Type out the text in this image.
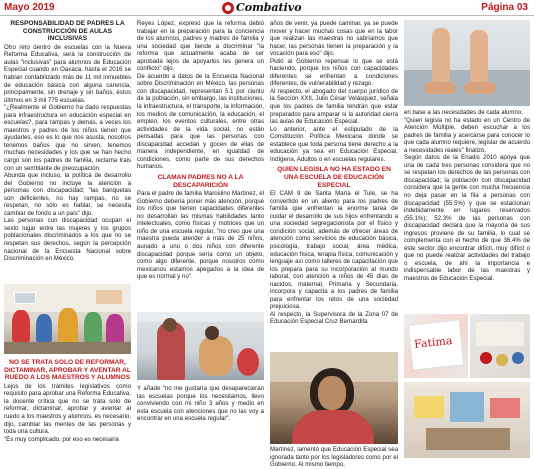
Mayo 2019	Combativo	Página 03
RESPONSABILIDAD DE PADRES LA CONSTRUCCIÓN DE AULAS INCLUSIVAS

Otro reto dentro de escuelas con la Nueva Reforma Educativa, será la construcción de aulas "inclusivas" para alumnos de Educación Especial cuando en Oaxaca, hasta el 2016 se habían contabilizado más de 11 mil inmuebles de educación básica con alguna carencia, principalmente, sin drenaje y sin baños, éstos últimos en 3 mil 775 escuelas.

"¿Realmente el Gobierno ha dado respuestas para infraestructura en educación especial en escuelas?, para rampas y demás, a veces los maestros y padres de los niños tienen que ayudarles, eso es lo que nos asusta, nosotros tenemos baños que no sirven, tenemos muchas necesidades y los que se han hecho cargo son los padres de familia, reclama Irais con un semblante de preocupación.

Abunda que incluso, la política de desarrollo del Gobierno no incluye la atención a personas con discapacidad; "las banquetas son deficientes, no hay rampas, no se respetan, no sólo es hablar, se necesita cambiar de fondo a un país" dijo.

Las personas con discapacidad ocupan el sexto lugar entre las mujeres y los grupos poblacionales discriminados a los que no se respetan sus derechos, según la percepción nacional de la Encuesta Nacional sobre Discriminación en México.

NO SE TRATA SOLO DE REFORMAR, DICTAMINAR, APROBAR Y AVENTAR AL RUEDO A LOS MAESTROS Y ALUMNOS

Lejos de los trámites legislativos como requisito para aprobar una Reforma Educativa, la docente crítica que no se trata solo de reformar, dictaminar, aprobar y aventar al ruedo a los maestros y alumnos, es necesario, dijo, cambiar las mentes de las personas y toda una cultura.

"Es muy complicado, por eso es necesaria

Reyes López, expresó que la reforma debió trabajar en la preparación para la conciencia de los alumnos, padres y madres de familia y una sociedad que tiende a discriminar "la reforma que actualmente acaba de ser aprobada lejos de apoyarlos les genera un conflicto" dijo.

De acuerdo a datos de la Encuesta Nacional sobre Discriminación en México, las personas con discapacidad, representan 5.1 por ciento de la población, sin embargo, las instituciones, la infraestructura, el transporte, la información, los medios de comunicación, la educación, el empleo, los eventos culturales, entre otras actividades de la vida social, no están pensadas para que las personas con discapacidad accedan y gocen de ellas de manera independiente, en igualdad de condiciones, como parte de sus derechos humanos.

CLAMAN PADRES NO A LA DESCAPARICIÓN

Para el padre de familia Marcelino Martínez, el Gobierno debería poner más atención, porque los niños que tienen capacidades diferentes no desarrollan las mismas habilidades tanto intelectuales, como físicas y motrices que un niño de una escuela regular, "no creo que una maestra pueda atender a más de 25 niños, aunado a uno o dos niños con diferente discapacidad porque sería como un objeto, como algo diferente, porque nosotros como mexicanos estamos apegados a la idea de que es normal y no".

Y añade "no me gustaría que desaparecieran las escuelas porque los necesitamos, llevo conviviendo con mi niño 3 años y medio en esta escuela con atenciones que no las voy a encontrar en una escuela regular".

años de venir, ya puede caminar, ya se puede mover y hacer muchas cosas que en la labor que realizan las maestras no sabríamos que hacer, las personas tienen la preparación y la vocación para eso" dijo.

Pidió al Gobierno repensar lo que se está haciendo, porque los niños con capacidades diferentes se enfrentan a condiciones diferentes, de vulnerabilidad y rezago.

Al respecto, el abogado del cuerpo jurídico de la Sección XXII, Julio César Velásquez, señala que los padres de familia tendrán que estar preparados para amparar si la autoridad cierra las aulas de Educación Especial.

Lo anterior, ante el estipulado de la Constitución Política Mexicana donde se establece que toda persona tiene derecho a la educación ya sea en Educación Especial, Indígena, Adultos o en escuelas regulares.

QUIEN LEGISLA NO HA ESTADO EN UNA ESCUELA DE EDUCACIÓN ESPECIAL

El CAM 9 de Santa María el Tule, se ha convertido en un aliento para los padres de familia que enfrentan la enorme tarea de cuidar el desarrollo de sus hijos enfrentando a una sociedad segregacionista por el físico y condición social, además de ofrecer áreas de atención como servicios de educación básica, psicología, trabajo social, área médica, educación física, terapia física, comunicación y lenguaje así como talleres de capacitación que los prepara para su incorporación al mundo laboral, con atención a niños de 45 días de nacidos, maternal, Primaria y Secundaria, incorpora y capacita a los padres de familia para enfrentar los retos de una sociedad prejuiciosa.

Al respecto, la Supervisora de la Zona 07 de Educación Especial Cruz Bernardita

Martínez, lamentó que Educación Especial sea ignorada tanto por los legisladores como por el Gobierno. Al mismo tiempo,

en base a las necesidades de cada alumno.

"Quien legisla no ha estado en un Centro de Atención Múltiple, deben escuchar a los padres de familia y acercarse para conocer lo que cada alumno requiere, legislar de acuerdo a necesidades reales" finalizó.

Según datos de la Enadis 2010 apoya que una de cada tres personas considera que no se respetan los derechos de las personas con discapacidad; la población con discapacidad considera que la gente con mucha frecuencia no deja pasar en la fila a personas con discapacidad (55.5%) y que se estacionan indebidamente en lugares reservados (55.1%); 52.3% de las personas con discapacidad declara que la mayoría de sus ingresos proviene de su familia, lo cual se complementa con el hecho de que 36.4% de este sector dijo encontrar difícil, muy difícil o que no puede realizar actividades del trabajo o escuela, de ahí la importancia e indispensable labor de las maestras y maestros de Educación Especial.

Fatima
